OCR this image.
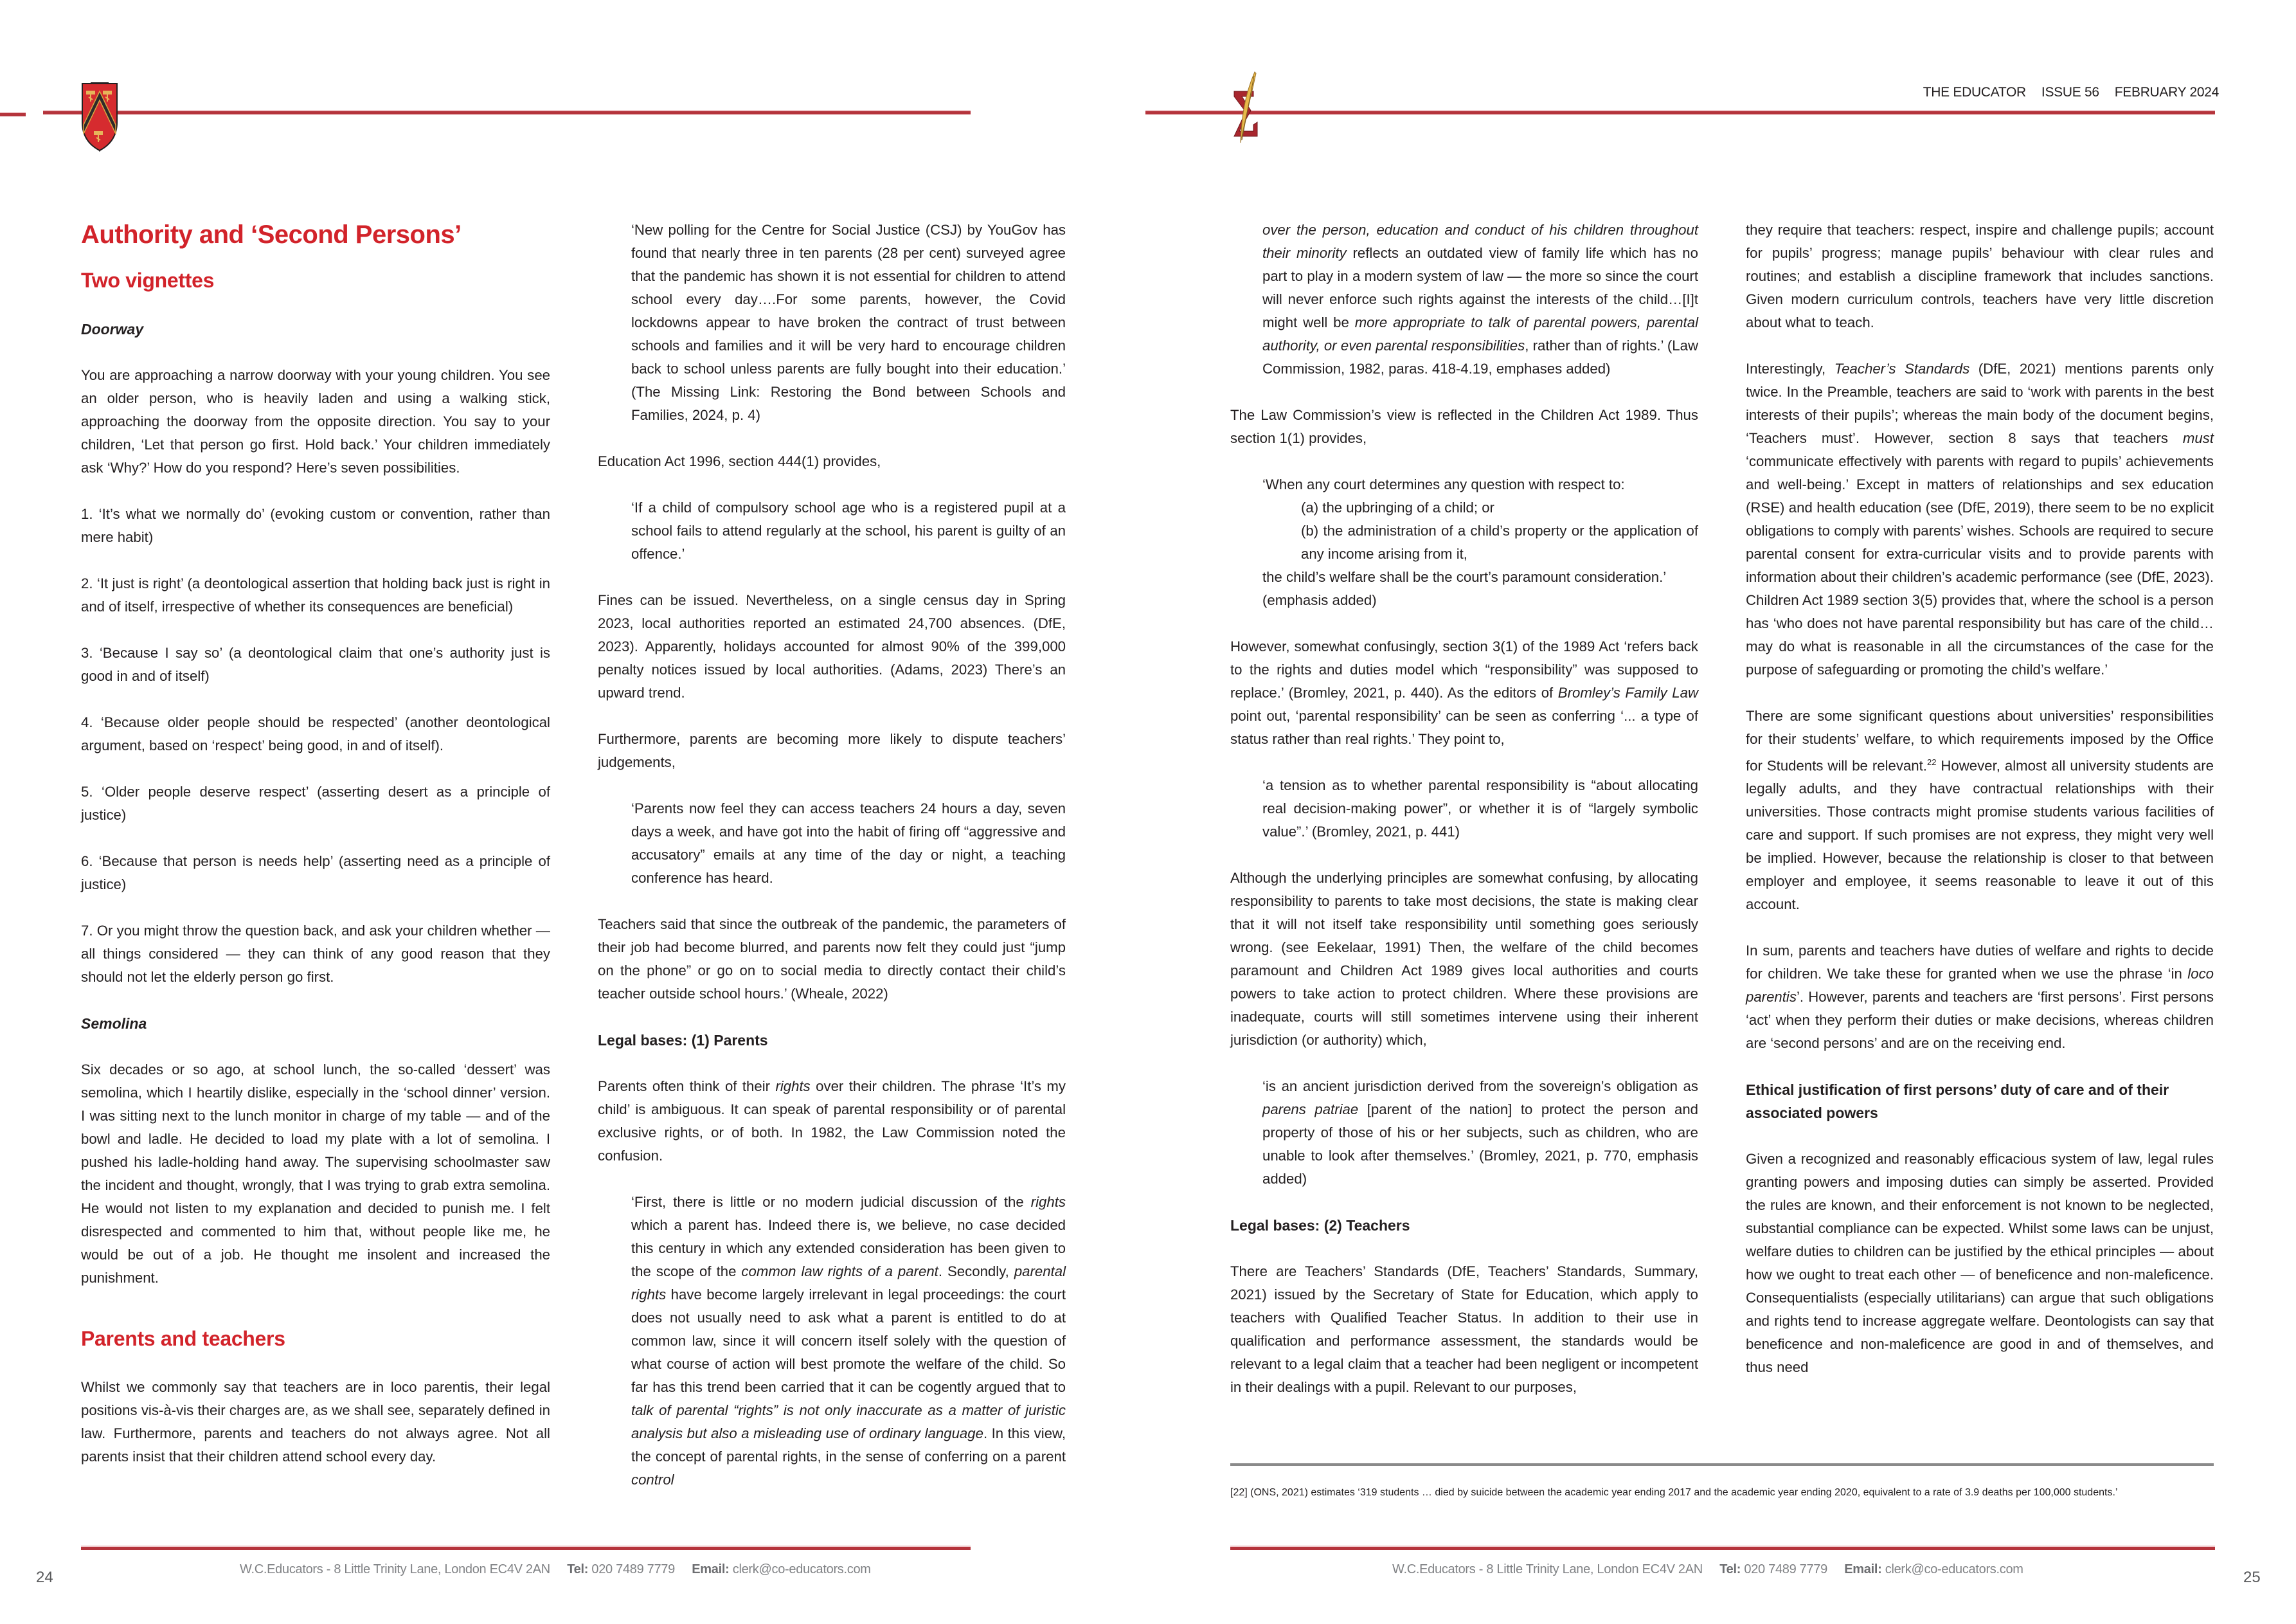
Authority and ‘Second Persons’
Two vignettes

Doorway

You are approaching a narrow doorway with your young children. You see an older person, who is heavily laden and using a walking stick, approaching the doorway from the opposite direction. You say to your children, ‘Let that person go first. Hold back.’ Your children immediately ask ‘Why?’ How do you respond? Here’s seven possibilities.

1. ‘It’s what we normally do’ (evoking custom or convention, rather than mere habit)

2. ‘It just is right’ (a deontological assertion that holding back just is right in and of itself, irrespective of whether its consequences are beneficial)

3. ‘Because I say so’ (a deontological claim that one’s authority just is good in and of itself)

4. ‘Because older people should be respected’ (another deontological argument, based on ‘respect’ being good, in and of itself).

5. ‘Older people deserve respect’ (asserting desert as a principle of justice)

6. ‘Because that person is needs help’ (asserting need as a principle of justice)

7. Or you might throw the question back, and ask your children whether — all things considered — they can think of any good reason that they should not let the elderly person go first.

Semolina

Six decades or so ago, at school lunch, the so-called ‘dessert’ was semolina, which I heartily dislike, especially in the ‘school dinner’ version. I was sitting next to the lunch monitor in charge of my table — and of the bowl and ladle. He decided to load my plate with a lot of semolina. I pushed his ladle-holding hand away. The supervising schoolmaster saw the incident and thought, wrongly, that I was trying to grab extra semolina. He would not listen to my explanation and decided to punish me. I felt disrespected and commented to him that, without people like me, he would be out of a job. He thought me insolent and increased the punishment.

Parents and teachers

Whilst we commonly say that teachers are in loco parentis, their legal positions vis-à-vis their charges are, as we shall see, separately defined in law. Furthermore, parents and teachers do not always agree. Not all parents insist that their children attend school every day.

‘New polling for the Centre for Social Justice (CSJ) by YouGov has found that nearly three in ten parents (28 per cent) surveyed agree that the pandemic has shown it is not essential for children to attend school every day….For some parents, however, the Covid lockdowns appear to have broken the contract of trust between schools and families and it will be very hard to encourage children back to school unless parents are fully bought into their education.’ (The Missing Link: Restoring the Bond between Schools and Families, 2024, p. 4)

Education Act 1996, section 444(1) provides,

‘If a child of compulsory school age who is a registered pupil at a school fails to attend regularly at the school, his parent is guilty of an offence.’

Fines can be issued. Nevertheless, on a single census day in Spring 2023, local authorities reported an estimated 24,700 absences. (DfE, 2023). Apparently, holidays accounted for almost 90% of the 399,000 penalty notices issued by local authorities. (Adams, 2023) There’s an upward trend.

Furthermore, parents are becoming more likely to dispute teachers’ judgements,

‘Parents now feel they can access teachers 24 hours a day, seven days a week, and have got into the habit of firing off “aggressive and accusatory” emails at any time of the day or night, a teaching conference has heard.

Teachers said that since the outbreak of the pandemic, the parameters of their job had become blurred, and parents now felt they could just “jump on the phone” or go on to social media to directly contact their child’s teacher outside school hours.’ (Wheale, 2022)

Legal bases: (1) Parents

Parents often think of their rights over their children. The phrase ‘It’s my child’ is ambiguous. It can speak of parental responsibility or of parental exclusive rights, or of both. In 1982, the Law Commission noted the confusion.

‘First, there is little or no modern judicial discussion of the rights which a parent has. Indeed there is, we believe, no case decided this century in which any extended consideration has been given to the scope of the common law rights of a parent. Secondly, parental rights have become largely irrelevant in legal proceedings: the court does not usually need to ask what a parent is entitled to do at common law, since it will concern itself solely with the question of what course of action will best promote the welfare of the child. So far has this trend been carried that it can be cogently argued that to talk of parental “rights” is not only inaccurate as a matter of juristic analysis but also a misleading use of ordinary language. In this view, the concept of parental rights, in the sense of conferring on a parent control

W.C.Educators - 8 Little Trinity Lane, London EC4V 2AN Tel: 020 7489 7779 Email: clerk@co-educators.com
24
THE EDUCATOR ISSUE 56 FEBRUARY 2024

over the person, education and conduct of his children throughout their minority reflects an outdated view of family life which has no part to play in a modern system of law — the more so since the court will never enforce such rights against the interests of the child…[I]t might well be more appropriate to talk of parental powers, parental authority, or even parental responsibilities, rather than of rights.’ (Law Commission, 1982, paras. 418-4.19, emphases added)

The Law Commission’s view is reflected in the Children Act 1989. Thus section 1(1) provides,

‘When any court determines any question with respect to:

(a) the upbringing of a child; or

(b) the administration of a child’s property or the application of any income arising from it,

the child’s welfare shall be the court’s paramount consideration.’

(emphasis added)

However, somewhat confusingly, section 3(1) of the 1989 Act ‘refers back to the rights and duties model which “responsibility” was supposed to replace.’ (Bromley, 2021, p. 440). As the editors of Bromley’s Family Law point out, ‘parental responsibility’ can be seen as conferring ‘... a type of status rather than real rights.’ They point to,

‘a tension as to whether parental responsibility is “about allocating real decision-making power”, or whether it is of “largely symbolic value”.’ (Bromley, 2021, p. 441)

Although the underlying principles are somewhat confusing, by allocating responsibility to parents to take most decisions, the state is making clear that it will not itself take responsibility until something goes seriously wrong. (see Eekelaar, 1991) Then, the welfare of the child becomes paramount and Children Act 1989 gives local authorities and courts powers to take action to protect children. Where these provisions are inadequate, courts will still sometimes intervene using their inherent jurisdiction (or authority) which,

‘is an ancient jurisdiction derived from the sovereign’s obligation as parens patriae [parent of the nation] to protect the person and property of those of his or her subjects, such as children, who are unable to look after themselves.’ (Bromley, 2021, p. 770, emphasis added)

Legal bases: (2) Teachers

There are Teachers’ Standards (DfE, Teachers’ Standards, Summary, 2021) issued by the Secretary of State for Education, which apply to teachers with Qualified Teacher Status. In addition to their use in qualification and performance assessment, the standards would be relevant to a legal claim that a teacher had been negligent or incompetent in their dealings with a pupil. Relevant to our purposes,

they require that teachers: respect, inspire and challenge pupils; account for pupils’ progress; manage pupils’ behaviour with clear rules and routines; and establish a discipline framework that includes sanctions. Given modern curriculum controls, teachers have very little discretion about what to teach.

Interestingly, Teacher’s Standards (DfE, 2021) mentions parents only twice. In the Preamble, teachers are said to ‘work with parents in the best interests of their pupils’; whereas the main body of the document begins, ‘Teachers must’. However, section 8 says that teachers must ‘communicate effectively with parents with regard to pupils’ achievements and well-being.’ Except in matters of relationships and sex education (RSE) and health education (see (DfE, 2019), there seem to be no explicit obligations to comply with parents’ wishes. Schools are required to secure parental consent for extra-curricular visits and to provide parents with information about their children’s academic performance (see (DfE, 2023). Children Act 1989 section 3(5) provides that, where the school is a person has ‘who does not have parental responsibility but has care of the child…may do what is reasonable in all the circumstances of the case for the purpose of safeguarding or promoting the child’s welfare.’

There are some significant questions about universities’ responsibilities for their students’ welfare, to which requirements imposed by the Office for Students will be relevant.$^{22}$ However, almost all university students are legally adults, and they have contractual relationships with their universities. Those contracts might promise students various facilities of care and support. If such promises are not express, they might very well be implied. However, because the relationship is closer to that between employer and employee, it seems reasonable to leave it out of this account.

In sum, parents and teachers have duties of welfare and rights to decide for children. We take these for granted when we use the phrase ‘in loco parentis’. However, parents and teachers are ‘first persons’. First persons ‘act’ when they perform their duties or make decisions, whereas children are ‘second persons’ and are on the receiving end.

Ethical justification of first persons’ duty of care and of their associated powers

Given a recognized and reasonably efficacious system of law, legal rules granting powers and imposing duties can simply be asserted. Provided the rules are known, and their enforcement is not known to be neglected, substantial compliance can be expected. Whilst some laws can be unjust, welfare duties to children can be justified by the ethical principles — about how we ought to treat each other — of beneficence and non-maleficence. Consequentialists (especially utilitarians) can argue that such obligations and rights tend to increase aggregate welfare. Deontologists can say that beneficence and non-maleficence are good in and of themselves, and thus need

[22] (ONS, 2021) estimates ‘319 students … died by suicide between the academic year ending 2017 and the academic year ending 2020, equivalent to a rate of 3.9 deaths per 100,000 students.’
W.C.Educators - 8 Little Trinity Lane, London EC4V 2AN Tel: 020 7489 7779 Email: clerk@co-educators.com	25
